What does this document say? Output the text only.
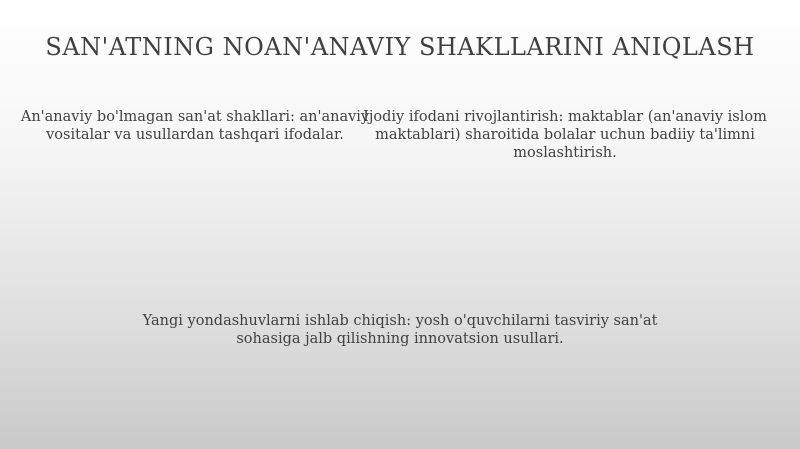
SAN'ATNING NOAN'ANAVIY SHAKLLARINI ANIQLASH
An'anaviy bo'lmagan san'at shakllari: an'anaviy vositalar va usullardan tashqari ifodalar.
Ijodiy ifodani rivojlantirish: maktablar (an'anaviy islom maktablari) sharoitida bolalar uchun badiiy ta'limni moslashtirish.
Yangi yondashuvlarni ishlab chiqish: yosh o'quvchilarni tasviriy san'at sohasiga jalb qilishning innovatsion usullari.
